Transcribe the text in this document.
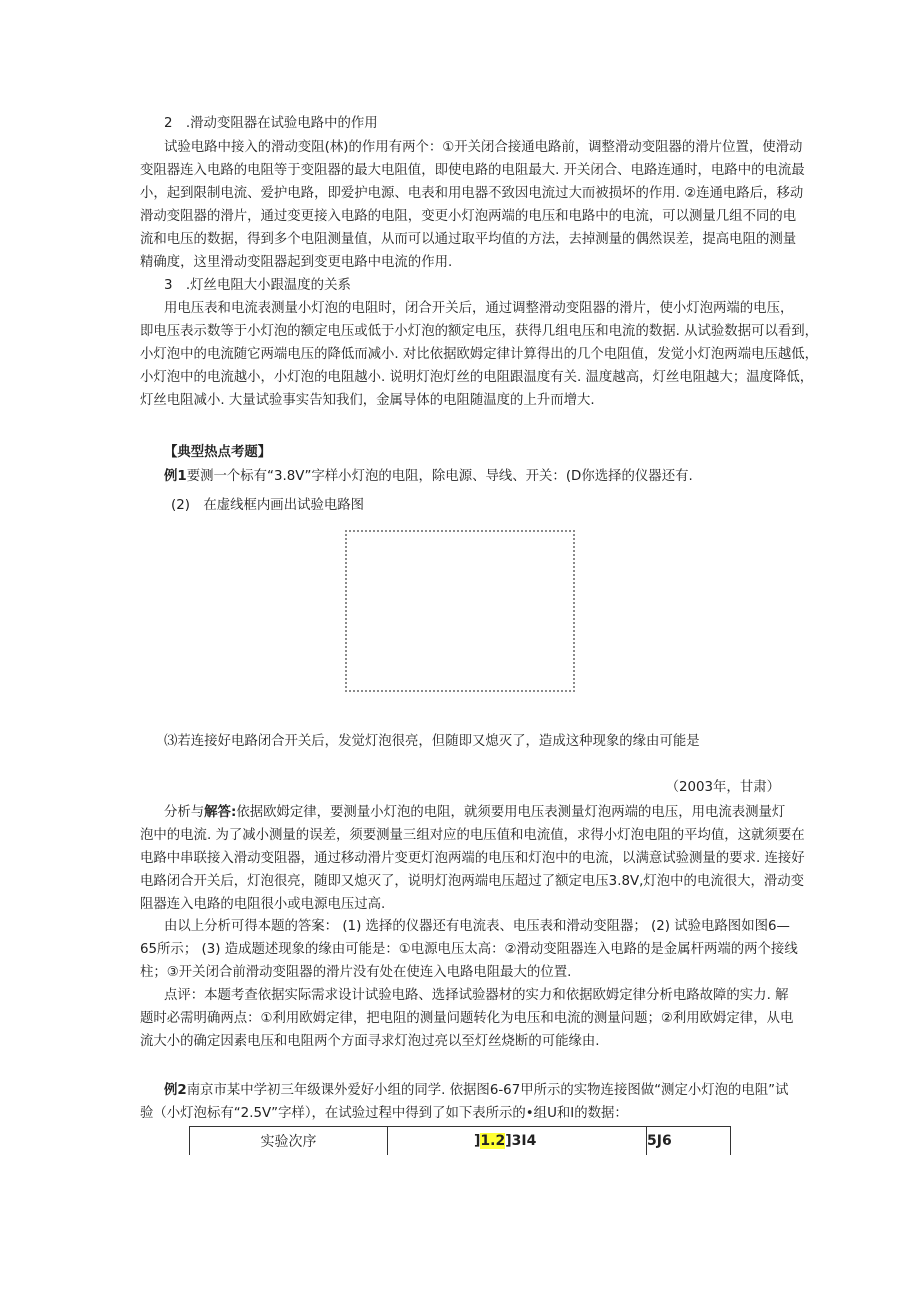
2　.滑动变阻器在试验电路中的作用
试验电路中接入的滑动变阻(林)的作用有两个：①开关闭合接通电路前，调整滑动变阻器的滑片位置，使滑动
变阻器连入电路的电阻等于变阻器的最大电阻值，即使电路的电阻最大. 开关闭合、电路连通时，电路中的电流最
小，起到限制电流、爱护电路，即爱护电源、电表和用电器不致因电流过大而被损坏的作用. ②连通电路后，移动
滑动变阻器的滑片，通过变更接入电路的电阻，变更小灯泡两端的电压和电路中的电流，可以测量几组不同的电
流和电压的数据，得到多个电阻测量值，从而可以通过取平均值的方法，去掉测量的偶然误差，提高电阻的测量
精确度，这里滑动变阻器起到变更电路中电流的作用.
3　.灯丝电阻大小跟温度的关系
用电压表和电流表测量小灯泡的电阻时，闭合开关后，通过调整滑动变阻器的滑片，使小灯泡两端的电压，
即电压表示数等于小灯泡的额定电压或低于小灯泡的额定电压，获得几组电压和电流的数据. 从试验数据可以看到，
小灯泡中的电流随它两端电压的降低而减小. 对比依据欧姆定律计算得出的几个电阻值，发觉小灯泡两端电压越低，
小灯泡中的电流越小，小灯泡的电阻越小. 说明灯泡灯丝的电阻跟温度有关. 温度越高，灯丝电阻越大；温度降低，
灯丝电阻减小. 大量试验事实告知我们，金属导体的电阻随温度的上升而增大.
【典型热点考题】
例1要测一个标有“3.8V”字样小灯泡的电阻，除电源、导线、开关：(D你选择的仪器还有.
(2)　在虚线框内画出试验电路图
⑶若连接好电路闭合开关后，发觉灯泡很亮，但随即又熄灭了，造成这种现象的缘由可能是
（2003年，甘肃）
分析与解答:依据欧姆定律，要测量小灯泡的电阻，就须要用电压表测量灯泡两端的电压，用电流表测量灯
泡中的电流. 为了减小测量的误差，须要测量三组对应的电压值和电流值，求得小灯泡电阻的平均值，这就须要在
电路中串联接入滑动变阻器，通过移动滑片变更灯泡两端的电压和灯泡中的电流，以满意试验测量的要求. 连接好
电路闭合开关后，灯泡很亮，随即又熄灭了，说明灯泡两端电压超过了额定电压3.8V,灯泡中的电流很大，滑动变
阻器连入电路的电阻很小或电源电压过高.
由以上分析可得本题的答案： (1) 选择的仪器还有电流表、电压表和滑动变阻器； (2) 试验电路图如图6—
65所示； (3) 造成题述现象的缘由可能是：①电源电压太高：②滑动变阻器连入电路的是金属杆两端的两个接线
柱；③开关闭合前滑动变阻器的滑片没有处在使连入电路电阻最大的位置.
点评：本题考查依据实际需求设计试验电路、选择试验器材的实力和依据欧姆定律分析电路故障的实力. 解
题时必需明确两点：①利用欧姆定律，把电阻的测量问题转化为电压和电流的测量问题；②利用欧姆定律，从电
流大小的确定因素电压和电阻两个方面寻求灯泡过亮以至灯丝烧断的可能缘由.
例2南京市某中学初三年级课外爱好小组的同学. 依据图6-67甲所示的实物连接图做“测定小灯泡的电阻”试
验（小灯泡标有“2.5V”字样），在试验过程中得到了如下表所示的•组U和I的数据：
实验次序	]1.2]3I4	5J6
